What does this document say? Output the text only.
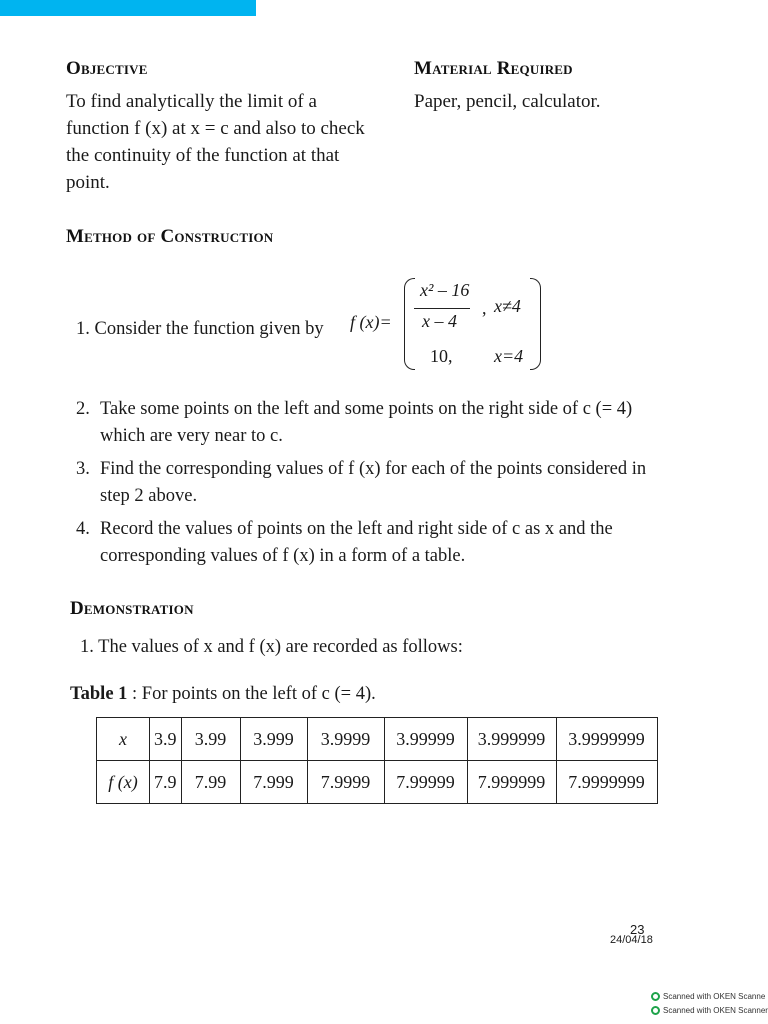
Objective
To find analytically the limit of a
function f (x) at x = c and also to check
the continuity of the function at that
point.
Material Required
Paper, pencil, calculator.
Method of Construction
1. Consider the function given by f (x)=
x² – 16
x – 4
, x≠4
10, x=4
2. Take some points on the left and some points on the right side of c (= 4)
which are very near to c.
3. Find the corresponding values of f (x) for each of the points considered in
step 2 above.
4. Record the values of points on the left and right side of c as x and the
corresponding values of f (x) in a form of a table.
Demonstration
1. The values of x and f (x) are recorded as follows:
Table 1 : For points on the left of c (= 4).
x	3.9	3.99	3.999	3.9999	3.99999	3.999999	3.9999999
f (x)	7.9	7.99	7.999	7.9999	7.99999	7.999999	7.9999999
23
24/04/18
Scanned with OKEN Scanne
Scanned with OKEN Scanner
